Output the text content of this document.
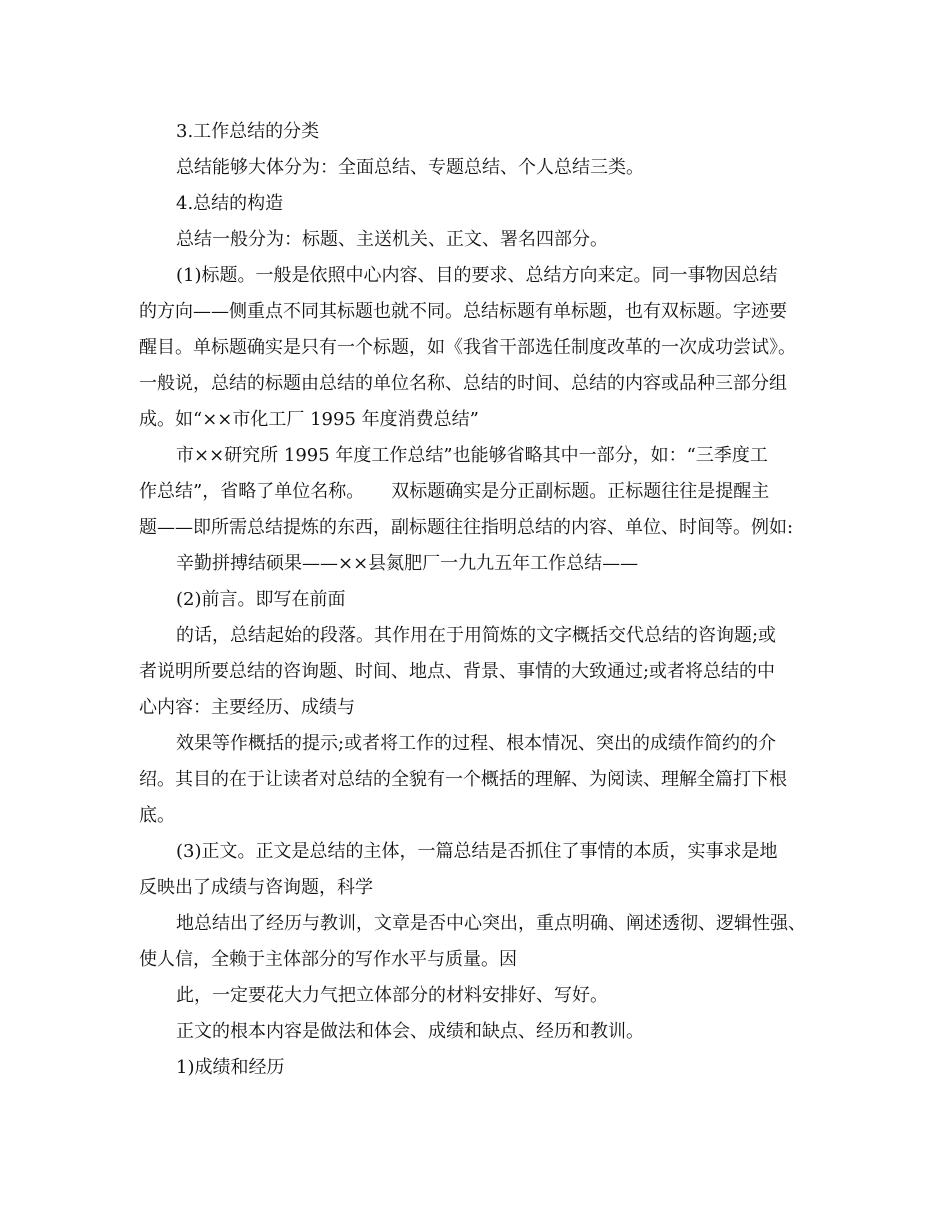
3.工作总结的分类
总结能够大体分为：全面总结、专题总结、个人总结三类。
4.总结的构造
总结一般分为：标题、主送机关、正文、署名四部分。
(1)标题。一般是依照中心内容、目的要求、总结方向来定。同一事物因总结
的方向——侧重点不同其标题也就不同。总结标题有单标题，也有双标题。字迹要
醒目。单标题确实是只有一个标题，如《我省干部选任制度改革的一次成功尝试》。
一般说，总结的标题由总结的单位名称、总结的时间、总结的内容或品种三部分组
成。如“××市化工厂 1995 年度消费总结”
市××研究所 1995 年度工作总结”也能够省略其中一部分，如：“三季度工
作总结”，省略了单位名称。　　双标题确实是分正副标题。正标题往往是提醒主
题——即所需总结提炼的东西，副标题往往指明总结的内容、单位、时间等。例如:
辛勤拼搏结硕果——××县氮肥厂一九九五年工作总结——
(2)前言。即写在前面
的话，总结起始的段落。其作用在于用简炼的文字概括交代总结的咨询题;或
者说明所要总结的咨询题、时间、地点、背景、事情的大致通过;或者将总结的中
心内容：主要经历、成绩与
效果等作概括的提示;或者将工作的过程、根本情况、突出的成绩作简约的介
绍。其目的在于让读者对总结的全貌有一个概括的理解、为阅读、理解全篇打下根
底。
(3)正文。正文是总结的主体，一篇总结是否抓住了事情的本质，实事求是地
反映出了成绩与咨询题，科学
地总结出了经历与教训，文章是否中心突出，重点明确、阐述透彻、逻辑性强、
使人信，全赖于主体部分的写作水平与质量。因
此，一定要花大力气把立体部分的材料安排好、写好。
正文的根本内容是做法和体会、成绩和缺点、经历和教训。
1)成绩和经历
